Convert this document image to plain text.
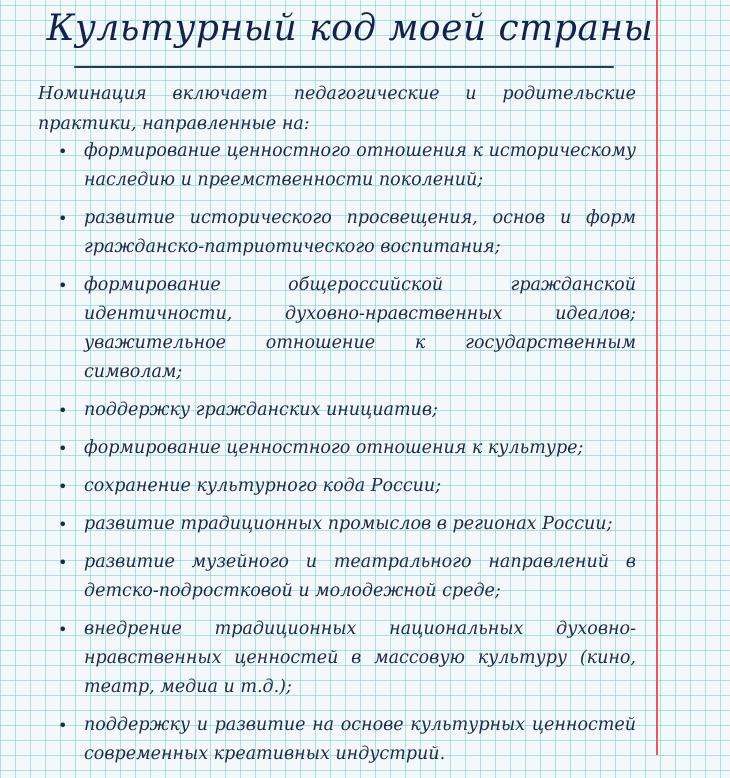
Культурный код моей страны
Номинация включает педагогические и родительские практики, направленные на:
• формирование ценностного отношения к историческому наследию и преемственности поколений;
• развитие исторического просвещения, основ и форм гражданско-патриотического воспитания;
• формирование общероссийской гражданской идентичности, духовно-нравственных идеалов; уважительное отношение к государственным символам;
• поддержку гражданских инициатив;
• формирование ценностного отношения к культуре;
• сохранение культурного кода России;
• развитие традиционных промыслов в регионах России;
• развитие музейного и театрального направлений в детско-подростковой и молодежной среде;
• внедрение традиционных национальных духовно-нравственных ценностей в массовую культуру (кино, театр, медиа и т.д.);
• поддержку и развитие на основе культурных ценностей современных креативных индустрий.
